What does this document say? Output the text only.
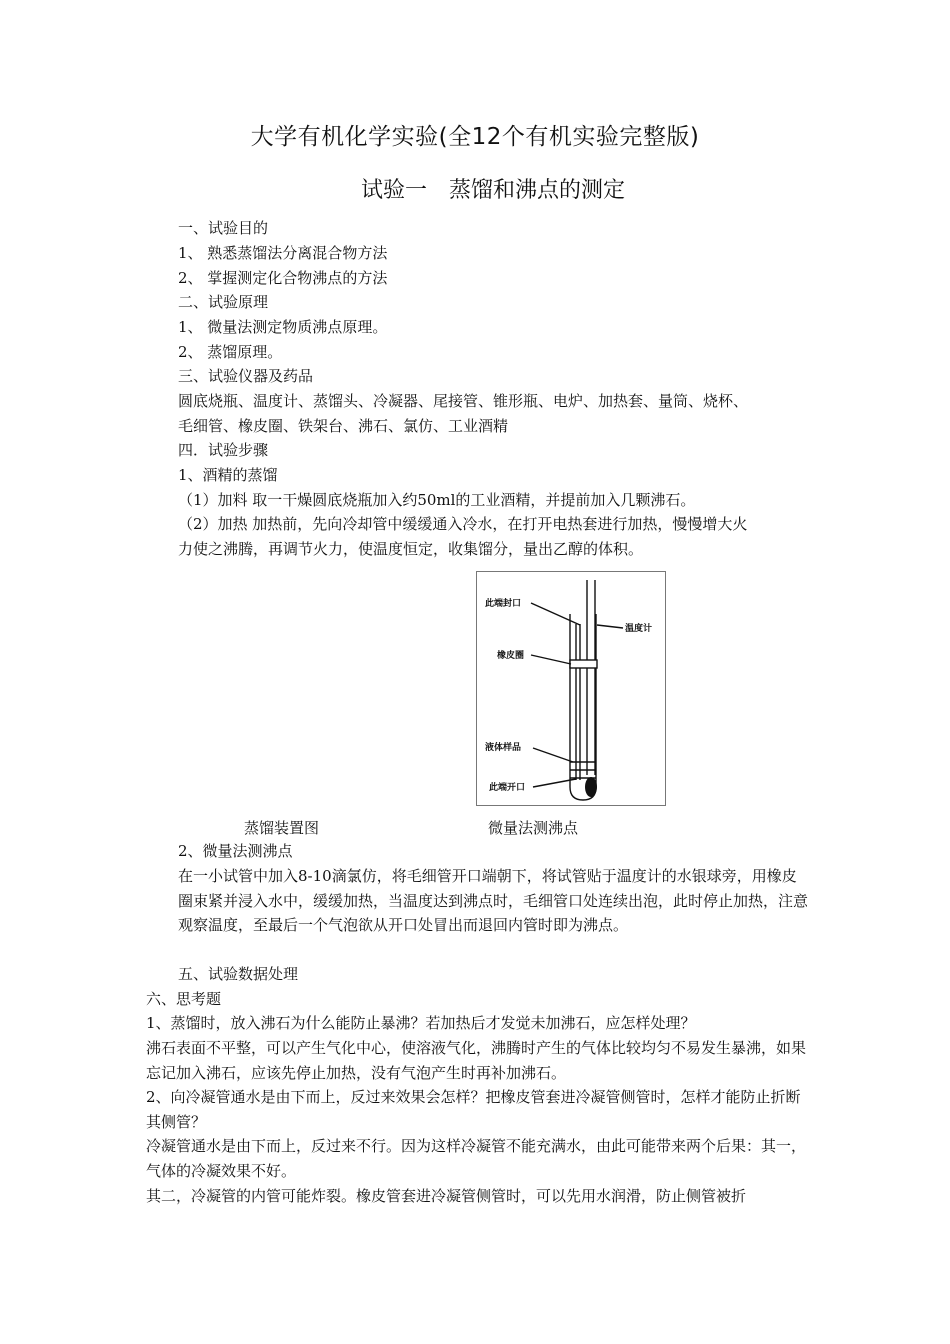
大学有机化学实验(全12个有机实验完整版)
试验一　蒸馏和沸点的测定
一、试验目的
1、 熟悉蒸馏法分离混合物方法
2、 掌握测定化合物沸点的方法
二、试验原理
1、 微量法测定物质沸点原理。
2、 蒸馏原理。
三、试验仪器及药品
圆底烧瓶、温度计、蒸馏头、冷凝器、尾接管、锥形瓶、电炉、加热套、量筒、烧杯、
毛细管、橡皮圈、铁架台、沸石、氯仿、工业酒精
四．试验步骤
1、酒精的蒸馏
（1）加料 取一干燥圆底烧瓶加入约50ml的工业酒精，并提前加入几颗沸石。
（2）加热 加热前，先向冷却管中缓缓通入冷水，在打开电热套进行加热，慢慢增大火
力使之沸腾，再调节火力，使温度恒定，收集馏分，量出乙醇的体积。
此端封口
温度计
橡皮圈
液体样品
此端开口
蒸馏装置图	微量法测沸点
2、微量法测沸点
在一小试管中加入8-10滴氯仿，将毛细管开口端朝下，将试管贴于温度计的水银球旁，用橡皮圈束紧并浸入水中，缓缓加热，当温度达到沸点时，毛细管口处连续出泡，此时停止加热，注意观察温度，至最后一个气泡欲从开口处冒出而退回内管时即为沸点。
五、试验数据处理
六、思考题
1、蒸馏时，放入沸石为什么能防止暴沸？若加热后才发觉未加沸石，应怎样处理？
沸石表面不平整，可以产生气化中心，使溶液气化，沸腾时产生的气体比较均匀不易发生暴沸，如果忘记加入沸石，应该先停止加热，没有气泡产生时再补加沸石。
2、向冷凝管通水是由下而上，反过来效果会怎样？把橡皮管套进冷凝管侧管时，怎样才能防止折断其侧管？
冷凝管通水是由下而上，反过来不行。因为这样冷凝管不能充满水，由此可能带来两个后果：其一，气体的冷凝效果不好。
其二，冷凝管的内管可能炸裂。橡皮管套进冷凝管侧管时，可以先用水润滑，防止侧管被折
